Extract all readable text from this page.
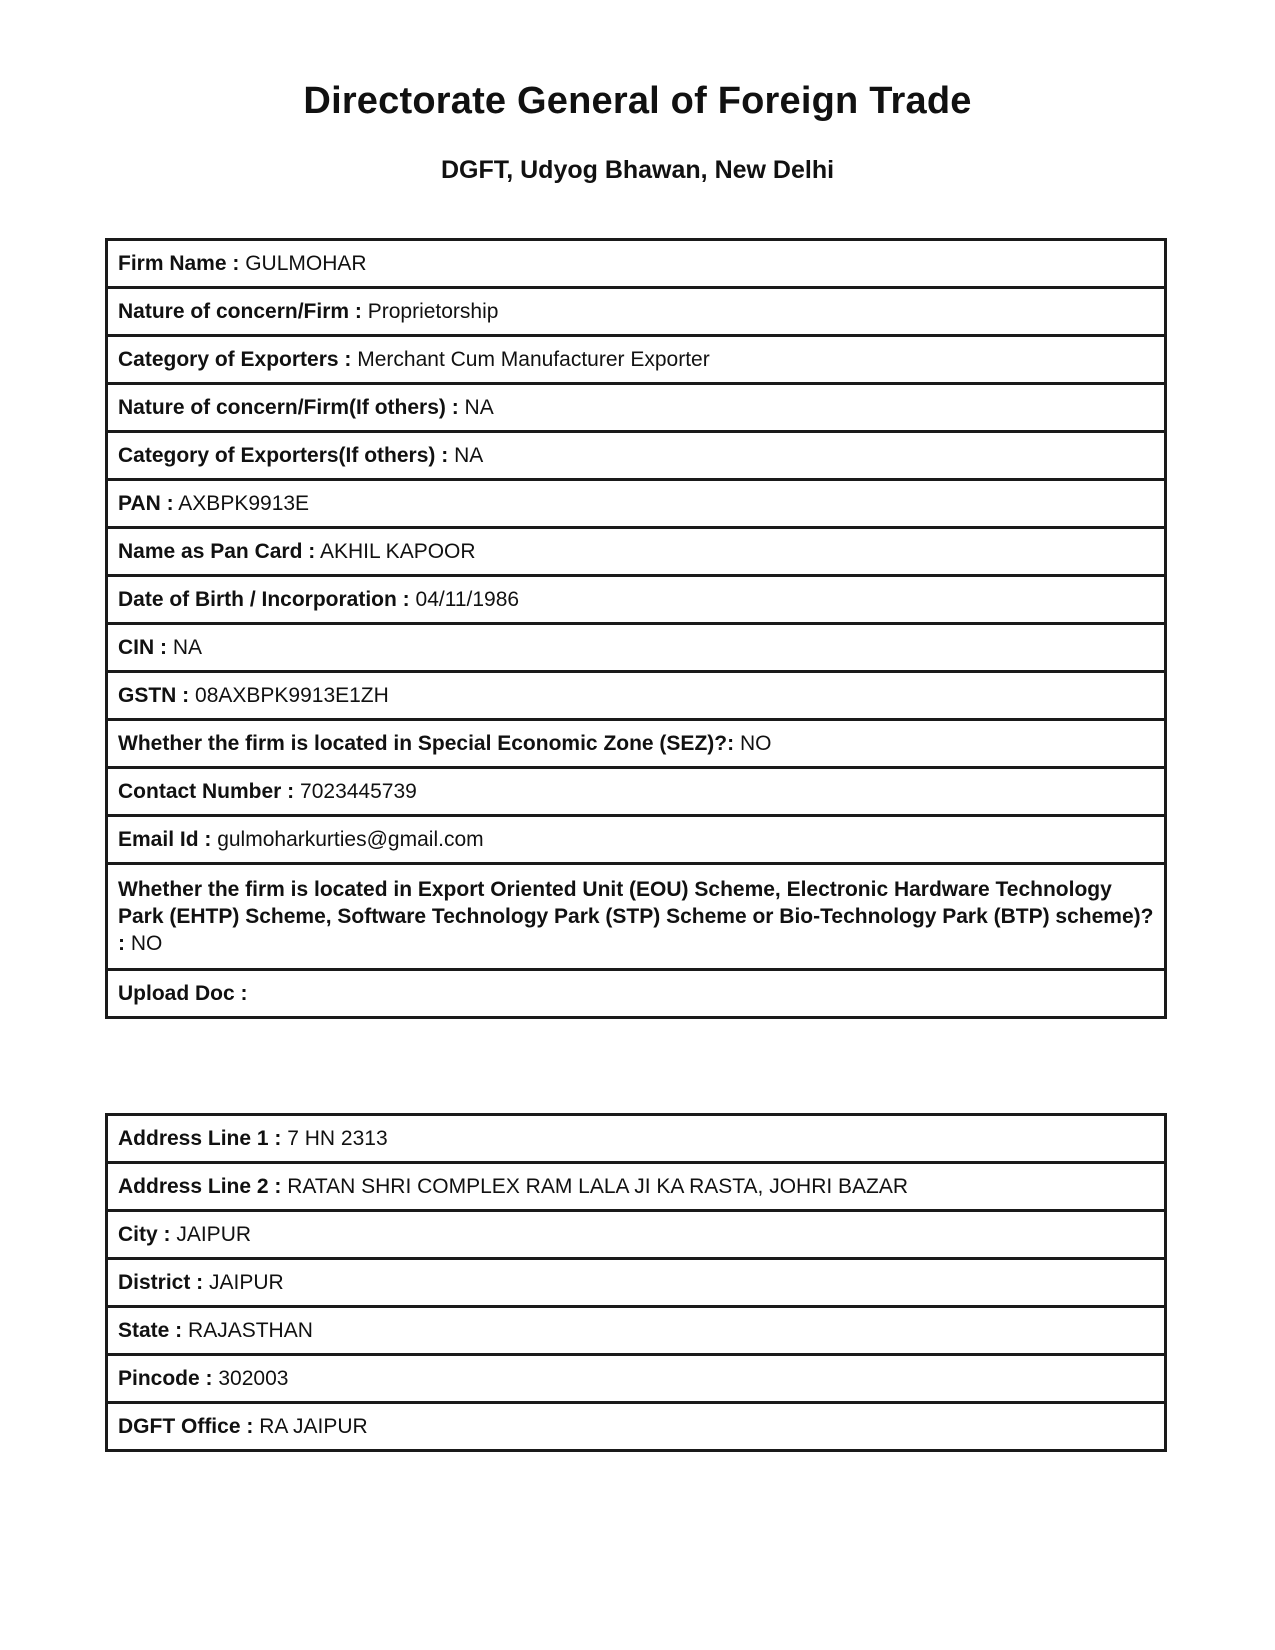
Directorate General of Foreign Trade
DGFT, Udyog Bhawan, New Delhi
Firm Name : GULMOHAR
Nature of concern/Firm : Proprietorship
Category of Exporters : Merchant Cum Manufacturer Exporter
Nature of concern/Firm(If others) : NA
Category of Exporters(If others) : NA
PAN : AXBPK9913E
Name as Pan Card : AKHIL KAPOOR
Date of Birth / Incorporation : 04/11/1986
CIN : NA
GSTN : 08AXBPK9913E1ZH
Whether the firm is located in Special Economic Zone (SEZ)?: NO
Contact Number : 7023445739
Email Id : gulmoharkurties@gmail.com
Whether the firm is located in Export Oriented Unit (EOU) Scheme, Electronic Hardware Technology Park (EHTP) Scheme, Software Technology Park (STP) Scheme or Bio-Technology Park (BTP) scheme)? : NO
Upload Doc :
Address Line 1 : 7 HN 2313
Address Line 2 : RATAN SHRI COMPLEX RAM LALA JI KA RASTA, JOHRI BAZAR
City : JAIPUR
District : JAIPUR
State : RAJASTHAN
Pincode : 302003
DGFT Office : RA JAIPUR
